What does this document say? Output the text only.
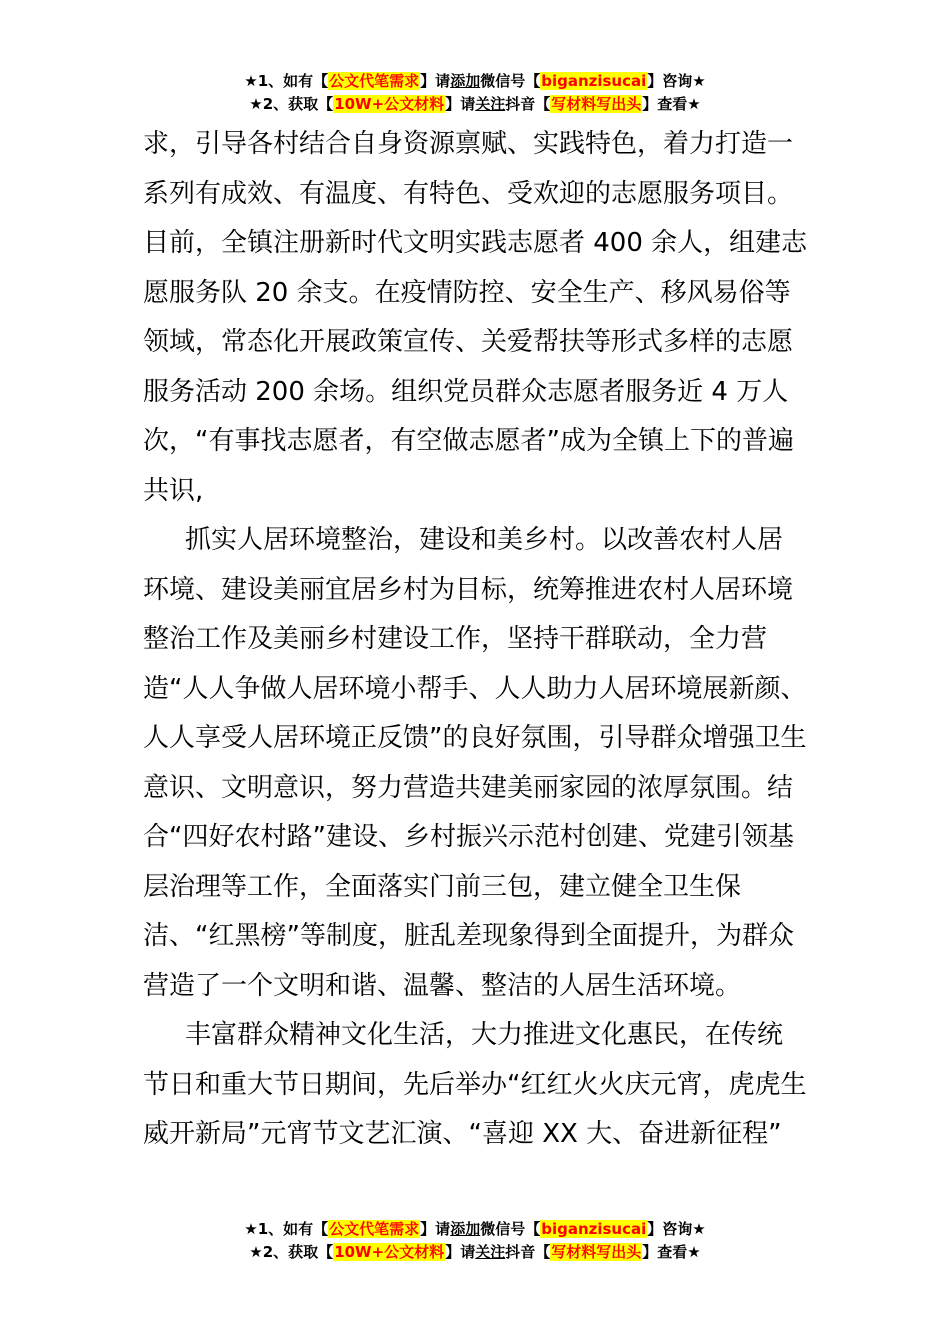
★1、如有【公文代笔需求】请添加微信号【biganzisucai】咨询★
★2、获取【10W+公文材料】请关注抖音【写材料写出头】查看★

求，引导各村结合自身资源禀赋、实践特色，着力打造一系列有成效、有温度、有特色、受欢迎的志愿服务项目。目前，全镇注册新时代文明实践志愿者 400 余人，组建志愿服务队 20 余支。在疫情防控、安全生产、移风易俗等领域，常态化开展政策宣传、关爱帮扶等形式多样的志愿服务活动 200 余场。组织党员群众志愿者服务近 4 万人次，“有事找志愿者，有空做志愿者”成为全镇上下的普遍共识,

抓实人居环境整治，建设和美乡村。以改善农村人居环境、建设美丽宜居乡村为目标，统筹推进农村人居环境整治工作及美丽乡村建设工作，坚持干群联动，全力营造“人人争做人居环境小帮手、人人助力人居环境展新颜、人人享受人居环境正反馈”的良好氛围，引导群众增强卫生意识、文明意识，努力营造共建美丽家园的浓厚氛围。结合“四好农村路”建设、乡村振兴示范村创建、党建引领基层治理等工作，全面落实门前三包，建立健全卫生保洁、“红黑榜”等制度，脏乱差现象得到全面提升，为群众营造了一个文明和谐、温馨、整洁的人居生活环境。

丰富群众精神文化生活，大力推进文化惠民，在传统节日和重大节日期间，先后举办“红红火火庆元宵，虎虎生威开新局”元宵节文艺汇演、“喜迎 XX 大、奋进新征程”

★1、如有【公文代笔需求】请添加微信号【biganzisucai】咨询★
★2、获取【10W+公文材料】请关注抖音【写材料写出头】查看★
